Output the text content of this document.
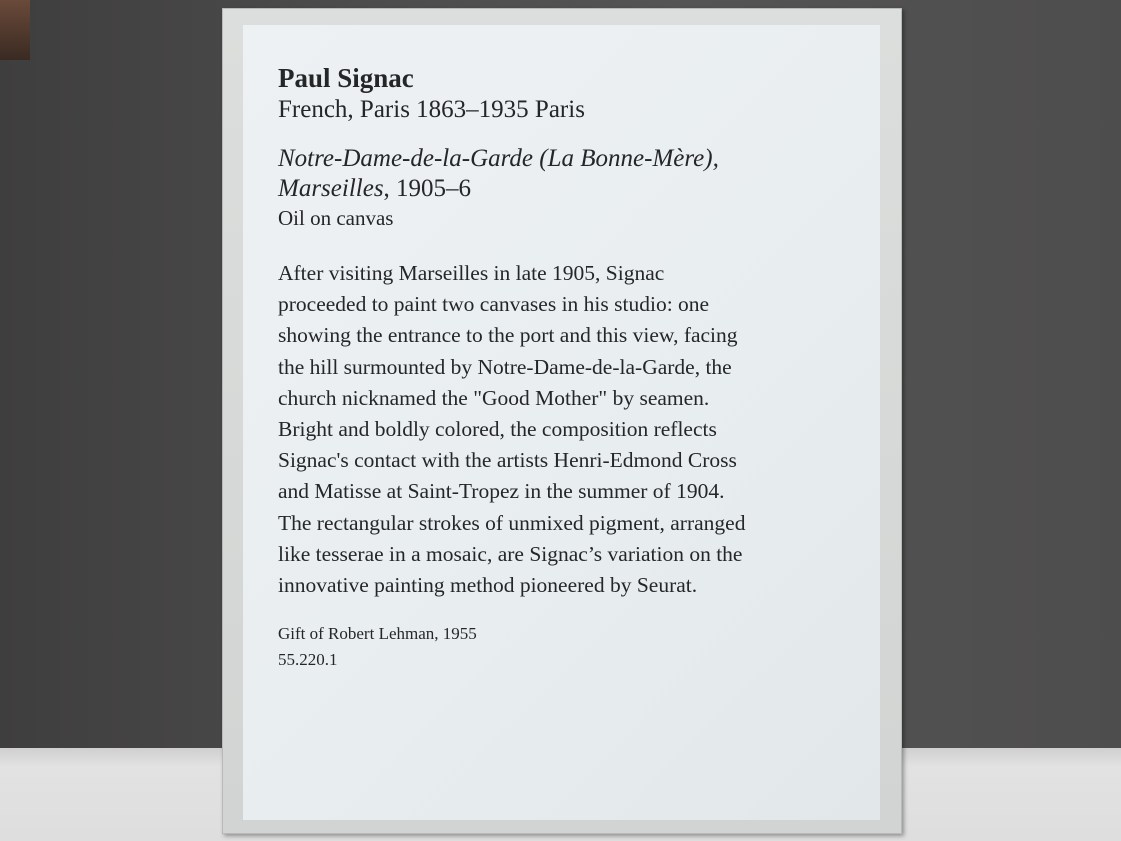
Paul Signac

French, Paris 1863–1935 Paris

Notre-Dame-de-la-Garde (La Bonne-Mère),

Marseilles, 1905–6

Oil on canvas

After visiting Marseilles in late 1905, Signac
proceeded to paint two canvases in his studio: one
showing the entrance to the port and this view, facing
the hill surmounted by Notre-Dame-de-la-Garde, the
church nicknamed the "Good Mother" by seamen.
Bright and boldly colored, the composition reflects
Signac's contact with the artists Henri-Edmond Cross
and Matisse at Saint-Tropez in the summer of 1904.
The rectangular strokes of unmixed pigment, arranged
like tesserae in a mosaic, are Signac’s variation on the
innovative painting method pioneered by Seurat.

Gift of Robert Lehman, 1955

55.220.1
